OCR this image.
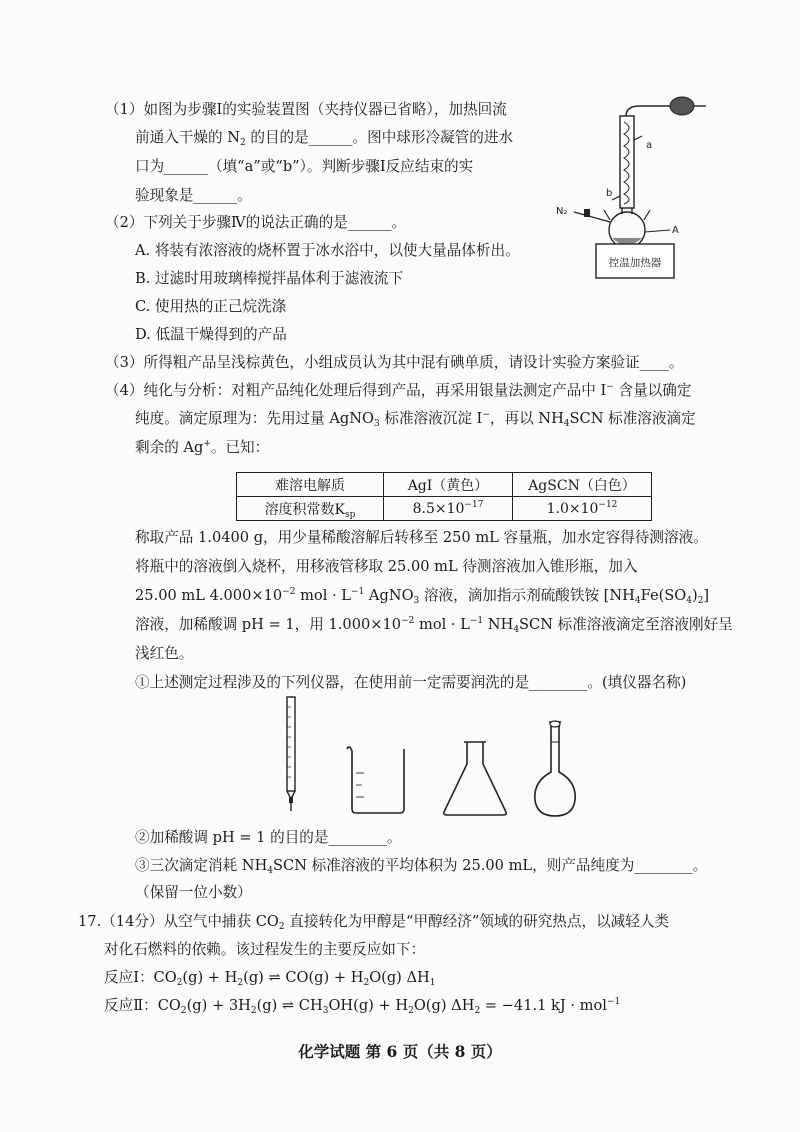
（1）如图为步骤Ⅰ的实验装置图（夹持仪器已省略），加热回流
前通入干燥的 $N_2$ 的目的是______。图中球形冷凝管的进水
口为______（填“a”或“b”）。判断步骤Ⅰ反应结束的实
验现象是______。
（2）下列关于步骤Ⅳ的说法正确的是______。
A. 将装有浓溶液的烧杯置于冰水浴中，以使大量晶体析出。
B. 过滤时用玻璃棒搅拌晶体利于滤液流下
C. 使用热的正己烷洗涤
D. 低温干燥得到的产品
（3）所得粗产品呈浅棕黄色，小组成员认为其中混有碘单质，请设计实验方案验证____。
（4）纯化与分析：对粗产品纯化处理后得到产品，再采用银量法测定产品中 I− 含量以确定
纯度。滴定原理为：先用过量 AgNO$_3$ 标准溶液沉淀 I−，再以 $NH_4SCN$ 标准溶液滴定
剩余的 Ag+。已知：
难溶电解质	AgI（黄色）	AgSCN（白色）
溶度积常数$K_{sp}$	$8.5\times 10^{-17}$	$1.0\times 10^{-12}$
称取产品 1.0400 g，用少量稀酸溶解后转移至 250 mL 容量瓶，加水定容得待测溶液。
将瓶中的溶液倒入烧杯，用移液管移取 25.00 mL 待测溶液加入锥形瓶，加入
25.00 mL $4.000\times 10^{-2}$ mol · $L^{-1}$ AgNO$_3$ 溶液，滴加指示剂硫酸铁铵 $[NH_4Fe(SO_4)_2]$
溶液，加稀酸调 pH = 1，用 $1.000\times 10^{-2}$ mol · $L^{-1}$ $NH_4SCN$ 标准溶液滴定至溶液刚好呈
浅红色。
①上述测定过程涉及的下列仪器，在使用前一定需要润洗的是________。(填仪器名称)
②加稀酸调 pH = 1 的目的是________。
③三次滴定消耗 $NH_4SCN$ 标准溶液的平均体积为 25.00 mL，则产品纯度为________。
（保留一位小数）
17.（14分）从空气中捕获 $CO_2$ 直接转化为甲醇是“甲醇经济”领域的研究热点，以减轻人类
对化石燃料的依赖。该过程发生的主要反应如下：
反应Ⅰ：$CO_2(g) + H_2(g)$ ⇌ $CO(g) + H_2O(g)$ $\Delta H_1$
反应Ⅱ：$CO_2(g) + 3H_2(g)$ ⇌ $CH_3OH(g) + H_2O(g) \Delta H_2 = -41.1$ kJ · mol$^{-1}$
a
b
N₂
A
控温加热器
化学试题 第 6 页（共 8 页）
